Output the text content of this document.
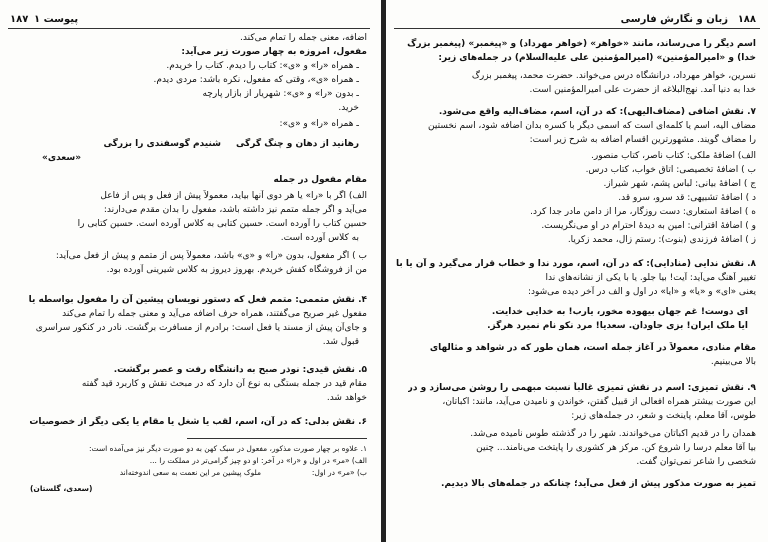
۱۸۷ پیوست ۱
اضافه، معنی جمله را تمام می‌کند.
مفعول، امروزه به چهار صورت زیر می‌آید:
ـ همراه «را» و «ی»: کتاب را دیدم. کتاب را خریدم.
ـ همراه «ی»، وقتی که مفعول، نکره باشد: مردی دیدم.
ـ بدون «را» و «ی»: شهریار از بازار پارچه
خرید.
ـ همراه «را» و «ی»:
شنیدم گوسفندی را بزرگی رهانید از دهان و چنگ گرگی
«سعدی»
مقام مفعول در جمله
الف) اگر با «را» یا هر دوی آنها بیاید، معمولاً پیش از فعل و پس از فاعل
می‌آید و اگر جمله متمم نیز داشته باشد، مفعول را بدان مقدم می‌دارند:
حسین کتاب را آورده است. حسین کتابی به کلاس آورده است. حسین کتابی را
به کلاس آورده است.
ب ) اگر مفعول، بدون «را» و «ی» باشد، معمولاً پس از متمم و پیش از فعل می‌آید:
من از فروشگاه کفش خریدم. بهروز دیروز به کلاس شیرینی آورده بود.
۴. نقش متممی: متمم فعل که دستور نویسان پیشین آن را مفعول بواسطه یا
مفعول غیر صریح می‌گفتند، همراه حرف اضافه می‌آید و معنی جمله را تمام می‌کند
و جای‌آن پیش از مسند یا فعل است: برادرم از مسافرت برگشت. نادر در کنکور سراسری
قبول شد.
۵. نقش قیدی: نوذر صبح به دانشگاه رفت و عصر برگشت.
مقام قید در جمله بستگی به نوع آن دارد که در مبحث نقش و کاربرد قید گفته
خواهد شد.
۶. نقش بدلی: که در آن، اسم، لقب یا شغل یا مقام یا یکی دیگر از خصوصیات
۱. علاوه بر چهار صورت مذکور، مفعول در سبک کهن به دو صورت دیگر نیز می‌آمده است:
الف) «مر» در اول و «را» در آخر: او دو چیز گرامی‌تر در مملکت را ...
ب) «مر» در اول:
ملوک پیشین مر این نعمت به سعی اندوخته‌اند
(سعدی، گلستان)
۱۸۸
زبان و نگارش فارسی
اسم دیگر را می‌رساند، مانند «خواهر» (خواهر مهرداد) و «پیغمبر» (پیغمبر بزرگ
خدا) و «امیرالمؤمنین» (امیرالمؤمنین علی علیه‌السلام) در جمله‌های زیر:
نسرین، خواهر مهرداد، درانشگاه درس می‌خواند. حضرت محمد، پیغمبر بزرگ
خدا به دنیا آمد. نهج‌البلاغه از حضرت علی امیرالمؤمنین است.
۷. نقش اضافی (مضاف‌الیهی): که در آن، اسم، مضاف‌الیه واقع می‌شود.
مضاف الیه، اسم یا کلمه‌ای است که اسمی دیگر با کسره بدان اضافه شود، اسم نخستین
را مضاف گویند. مشهورترین اقسام اضافه به شرح زیر است:
الف) اضافهٔ ملکی: کتاب ناصر، کتاب منصور.
ب ) اضافهٔ تخصیصی: اتاق خواب، کتاب درس.
ج ) اضافهٔ بیانی: لباس پشم، شهر شیراز.
د ) اضافهٔ تشبیهی: قد سرو، سرو قد.
ه ) اضافهٔ استعاری: دست روزگار، مرا از دامن مادر جدا کرد.
و ) اضافهٔ اقترانی: امین به دیده‌ٔ احترام در او می‌نگریست.
ز ) اضافهٔ فرزندی (بنوت): رستم زال، محمد زکریا.
۸. نقش ندایی (منادایی): که در آن، اسم، مورد ندا و خطاب قرار می‌گیرد و آن یا با
تغییر آهنگ می‌آید: آیت! بیا جلو. یا با یکی از نشانه‌های ندا
یعنی «ای» و «یا» و «ایا» در اول و الف در آخر دیده می‌شود:
ای دوست! غم جهان بیهوده مخور، یارب! به خدایی خدایت.
ایا ملک ایران! بزی جاودان. سعدیا! مرد نکو نام نمیرد هرگز.
مقام منادی، معمولاً در آغاز جمله است، همان طور که در شواهد و مثالهای
بالا می‌بینیم.
۹. نقش تمیزی: اسم در نقش تمیزی غالباً نسبت مبهمی را روشن می‌سازد و در
این صورت بیشتر همراه افعالی از قبیل گفتن، خواندن و نامیدن می‌آید، مانند: اکباتان،
طوس، آقا معلم، پاینخت و شعر، در جمله‌های زیر:
همدان را در قدیم اکباتان می‌خواندند. شهر را در گذشته طوس نامیده می‌شد.
بیا آقا معلم درسا را شروع کن. مرکز هر کشوری را پایتخت می‌نامند... چنین
شخصی را شاعر نمی‌توان گفت.
تمیز به صورت مذکور پیش از فعل می‌آید؛ چنانکه در جمله‌های بالا دیدیم.
